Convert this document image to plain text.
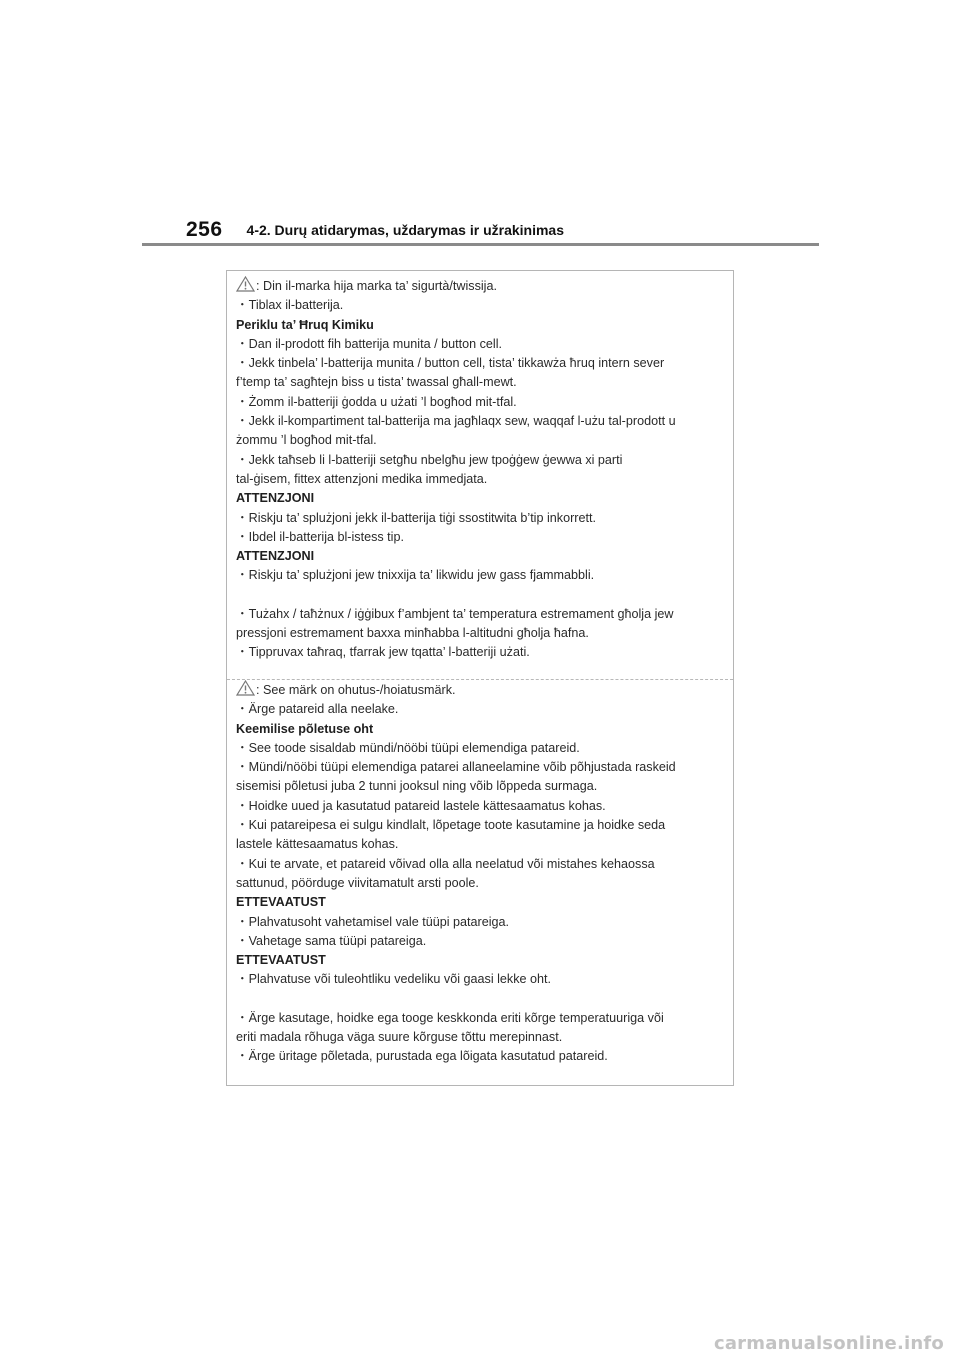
256 4-2. Durų atidarymas, uždarymas ir užrakinimas
: Din il-marka hija marka ta’ sigurtà/twissija.
・Tiblax il-batterija.
Periklu ta’ Ħruq Kimiku
・Dan il-prodott fih batterija munita / button cell.
・Jekk tinbela’ l-batterija munita / button cell, tista’ tikkawża ħruq intern sever
f’temp ta’ sagħtejn biss u tista’ twassal għall-mewt.
・Żomm il-batteriji ġodda u użati ’l bogħod mit-tfal.
・Jekk il-kompartiment tal-batterija ma jagħlaqx sew, waqqaf l-użu tal-prodott u
żommu ’l bogħod mit-tfal.
・Jekk taħseb li l-batteriji setgħu nbelgħu jew tpoġġew ġewwa xi parti
tal-ġisem, fittex attenzjoni medika immedjata.
ATTENZJONI
・Riskju ta’ splużjoni jekk il-batterija tiġi ssostitwita b’tip inkorrett.
・Ibdel il-batterija bl-istess tip.
ATTENZJONI
・Riskju ta’ splużjoni jew tnixxija ta’ likwidu jew gass fjammabbli.
・Tużahx / taħżnux / iġġibux f’ambjent ta’ temperatura estremament għolja jew
pressjoni estremament baxxa minħabba l-altitudni għolja ħafna.
・Tippruvax taħraq, tfarrak jew tqatta’ l-batteriji użati.
: See märk on ohutus-/hoiatusmärk.
・Ärge patareid alla neelake.
Keemilise põletuse oht
・See toode sisaldab mündi/nööbi tüüpi elemendiga patareid.
・Mündi/nööbi tüüpi elemendiga patarei allaneelamine võib põhjustada raskeid
sisemisi põletusi juba 2 tunni jooksul ning võib lõppeda surmaga.
・Hoidke uued ja kasutatud patareid lastele kättesaamatus kohas.
・Kui patareipesa ei sulgu kindlalt, lõpetage toote kasutamine ja hoidke seda
lastele kättesaamatus kohas.
・Kui te arvate, et patareid võivad olla alla neelatud või mistahes kehaossa
sattunud, pöörduge viivitamatult arsti poole.
ETTEVAATUST
・Plahvatusoht vahetamisel vale tüüpi patareiga.
・Vahetage sama tüüpi patareiga.
ETTEVAATUST
・Plahvatuse või tuleohtliku vedeliku või gaasi lekke oht.
・Ärge kasutage, hoidke ega tooge keskkonda eriti kõrge temperatuuriga või
eriti madala rõhuga väga suure kõrguse tõttu merepinnast.
・Ärge üritage põletada, purustada ega lõigata kasutatud patareid.
carmanualsonline.info
